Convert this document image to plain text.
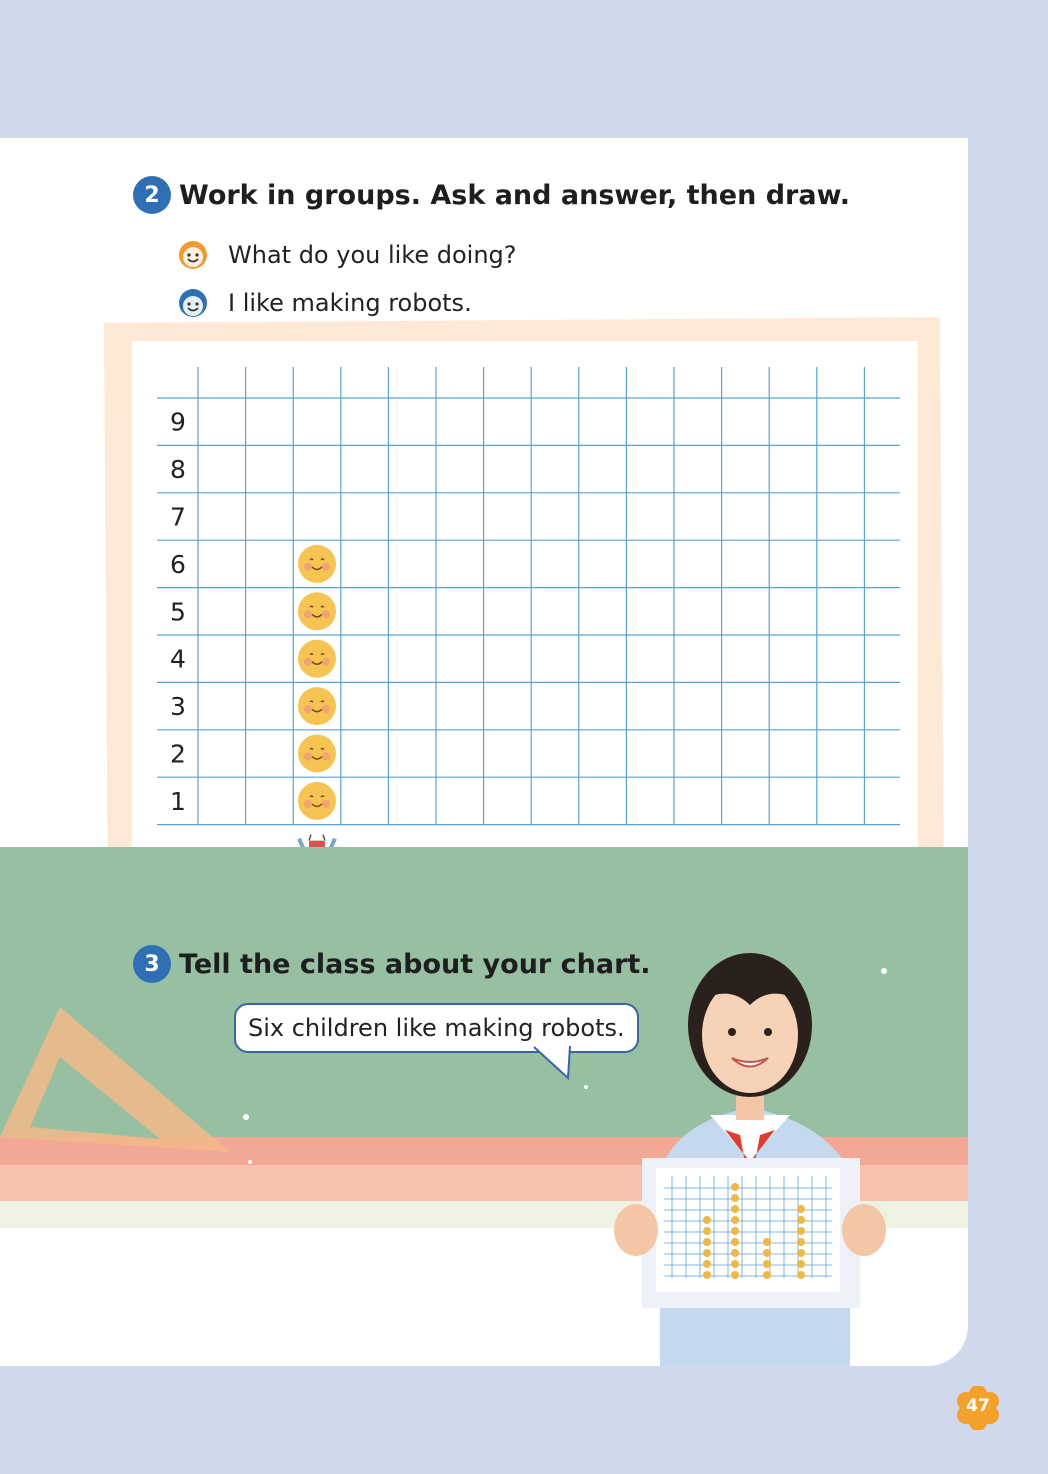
2 Work in groups. Ask and answer, then draw.
What do you like doing?
I like making robots.
9
8
7
6
5
4
3
2
1
3 Tell the class about your chart.
Six children like making robots.
47
